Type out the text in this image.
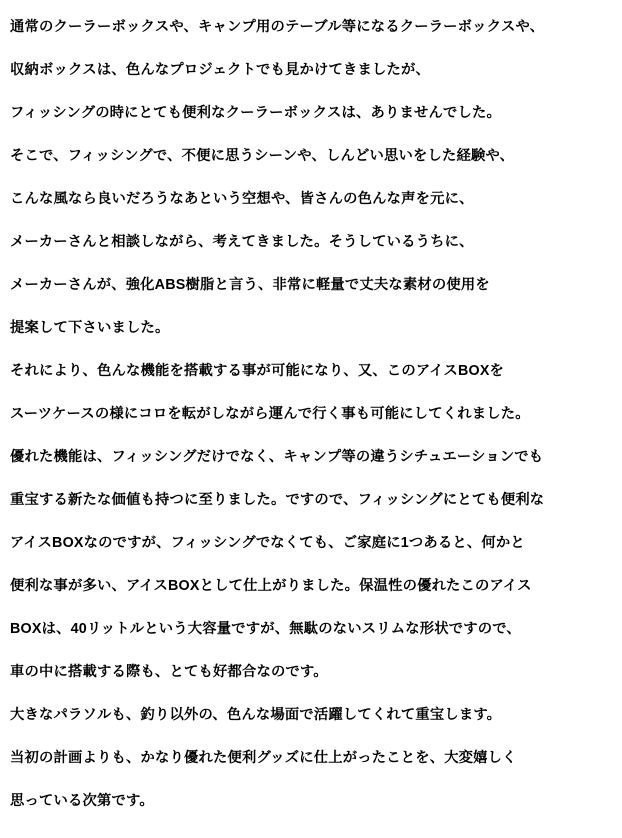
通常のクーラーボックスや、キャンプ用のテーブル等になるクーラーボックスや、
収納ボックスは、色んなプロジェクトでも見かけてきましたが、
フィッシングの時にとても便利なクーラーボックスは、ありませんでした。
そこで、フィッシングで、不便に思うシーンや、しんどい思いをした経験や、
こんな風なら良いだろうなあという空想や、皆さんの色んな声を元に、
メーカーさんと相談しながら、考えてきました。そうしているうちに、
メーカーさんが、強化ABS樹脂と言う、非常に軽量で丈夫な素材の使用を
提案して下さいました。
それにより、色んな機能を搭載する事が可能になり、又、このアイスBOXを
スーツケースの様にコロを転がしながら運んで行く事も可能にしてくれました。
優れた機能は、フィッシングだけでなく、キャンプ等の違うシチュエーションでも
重宝する新たな価値も持つに至りました。ですので、フィッシングにとても便利な
アイスBOXなのですが、フィッシングでなくても、ご家庭に1つあると、何かと
便利な事が多い、アイスBOXとして仕上がりました。保温性の優れたこのアイス
BOXは、40リットルという大容量ですが、無駄のないスリムな形状ですので、
車の中に搭載する際も、とても好都合なのです。
大きなパラソルも、釣り以外の、色んな場面で活躍してくれて重宝します。
当初の計画よりも、かなり優れた便利グッズに仕上がったことを、大変嬉しく
思っている次第です。
